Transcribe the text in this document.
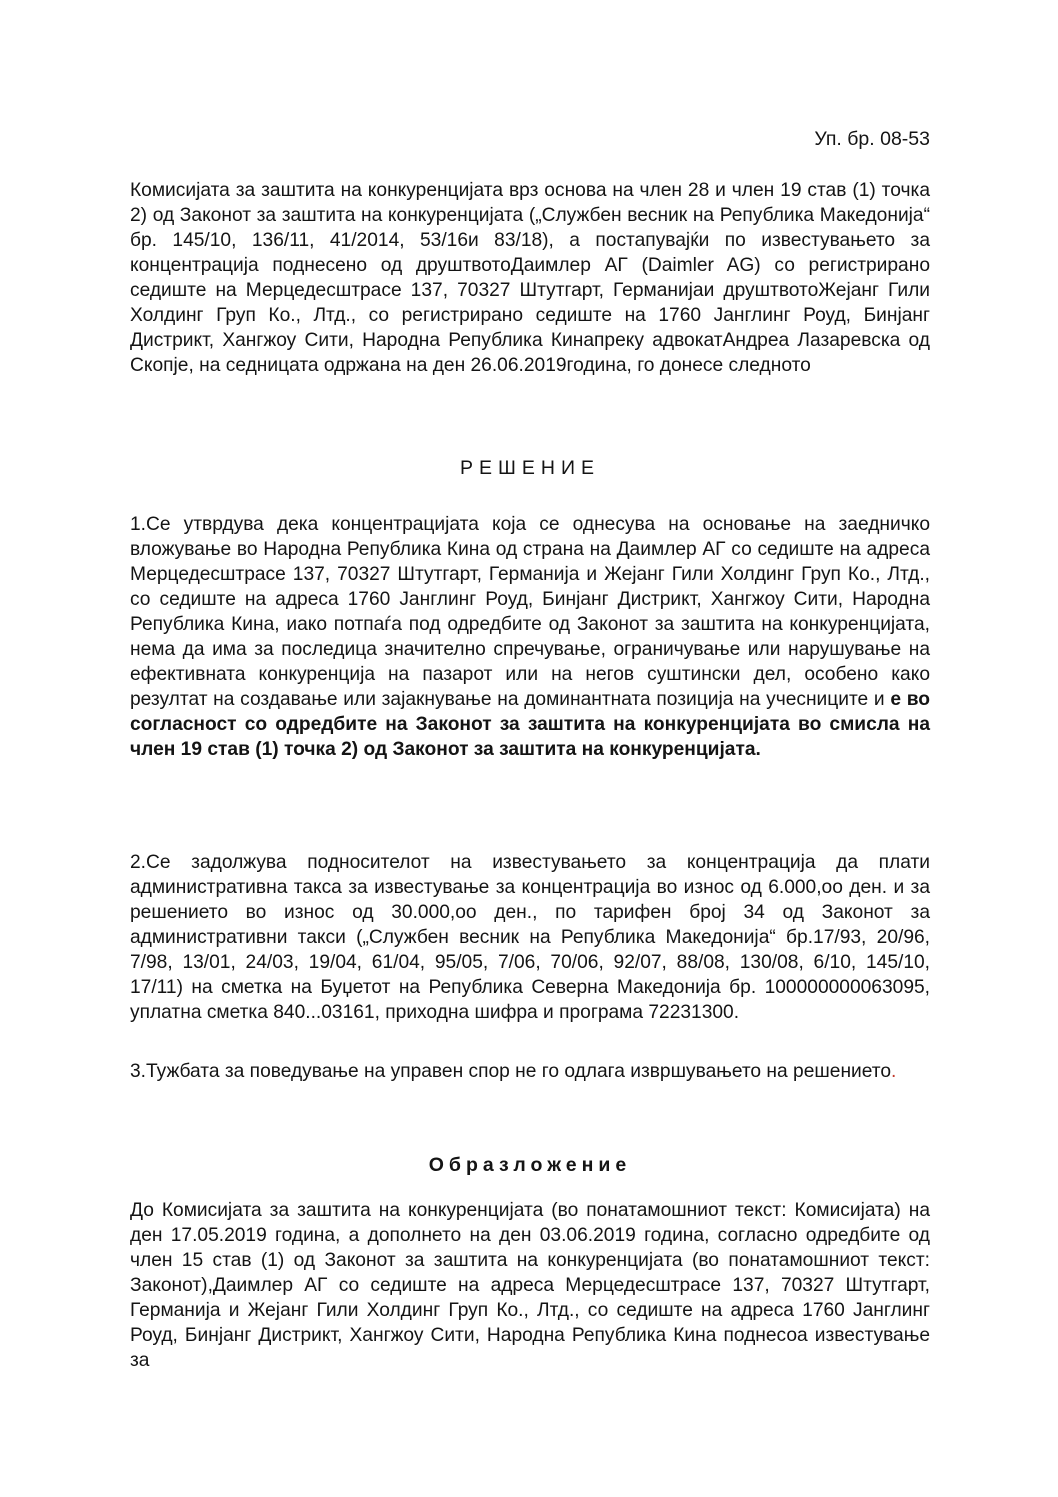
Уп. бр. 08-53

Комисијата за заштита на конкуренцијата врз основа на член 28 и член 19 став (1) точка 2) од Законот за заштита на конкуренцијата („Службен весник на Република Македонија“ бр. 145/10, 136/11, 41/2014, 53/16и 83/18), а постапувајќи по известувањето за концентрација поднесено од друштвотоДаимлер АГ (Daimler AG) со регистрирано седиште на Мерцедесштрасе 137, 70327 Штутгарт, Германијаи друштвотоЖејанг Гили Холдинг Груп Ко., Лтд., со регистрирано седиште на 1760 Јанглинг Роуд, Бинјанг Дистрикт, Хангжоу Сити, Народна Република Кинапреку адвокатАндреа Лазаревска од Скопје, на седницата одржана на ден 26.06.2019година, го донесе следното

РЕШЕНИЕ

1.Се утврдува дека концентрацијата која се однесува на основање на заедничко вложување во Народна Република Кина од страна на Даимлер АГ со седиште на адреса Мерцедесштрасе 137, 70327 Штутгарт, Германија и Жејанг Гили Холдинг Груп Ко., Лтд., со седиште на адреса 1760 Јанглинг Роуд, Бинјанг Дистрикт, Хангжоу Сити, Народна Република Кина, иако потпаѓа под одредбите од Законот за заштита на конкуренцијата, нема да има за последица значително спречување, ограничување или нарушување на ефективната конкуренција на пазарот или на негов суштински дел, особено како резултат на создавање или зајакнување на доминантната позиција на учесниците и е во согласност со одредбите на Законот за заштита на конкуренцијата во смисла на член 19 став (1) точка 2) од Законот за заштита на конкуренцијата.

2.Се задолжува подносителот на известувањето за концентрација да плати административна такса за известување за концентрација во износ од 6.000,оо ден. и за решението во износ од 30.000,оо ден., по тарифен број 34 од Законот за административни такси („Службен весник на Република Македонија“ бр.17/93, 20/96, 7/98, 13/01, 24/03, 19/04, 61/04, 95/05, 7/06, 70/06, 92/07, 88/08, 130/08, 6/10, 145/10, 17/11) на сметка на Буџетот на Република Северна Македонија бр. 100000000063095, уплатна сметка 840...03161, приходна шифра и програма 72231300.

3.Тужбата за поведување на управен спор не го одлага извршувањето на решението.

Образложение

До Комисијата за заштита на конкуренцијата (во понатамошниот текст: Комисијата) на ден 17.05.2019 година, а дополнето на ден 03.06.2019 година, согласно одредбите од член 15 став (1) од Законот за заштита на конкуренцијата (во понатамошниот текст: Законот),Даимлер АГ со седиште на адреса Мерцедесштрасе 137, 70327 Штутгарт, Германија и Жејанг Гили Холдинг Груп Ко., Лтд., со седиште на адреса 1760 Јанглинг Роуд, Бинјанг Дистрикт, Хангжоу Сити, Народна Република Кина поднесоа известување за
